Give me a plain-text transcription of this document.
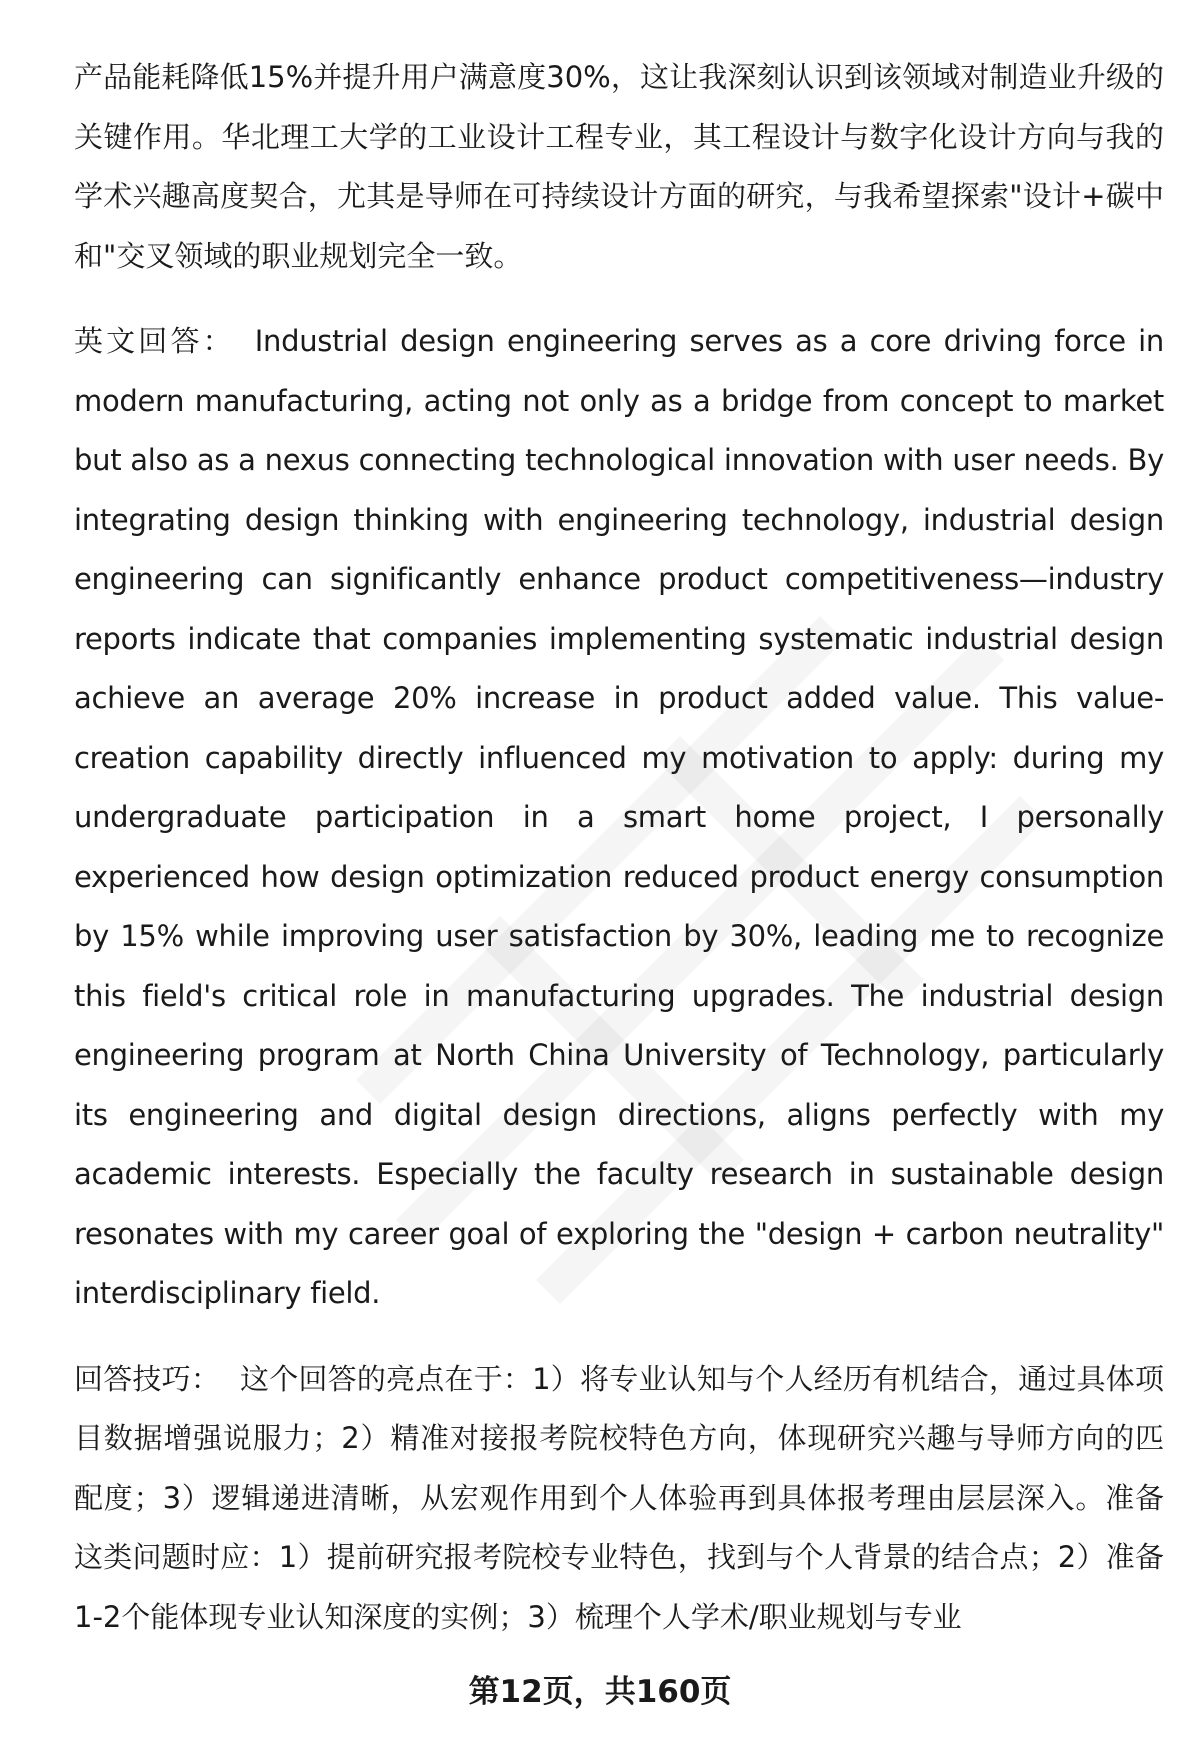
产品能耗降低15%并提升用户满意度30%，这让我深刻认识到该领域对制造业升级的关键作用。华北理工大学的工业设计工程专业，其工程设计与数字化设计方向与我的学术兴趣高度契合，尤其是导师在可持续设计方面的研究，与我希望探索"设计+碳中和"交叉领域的职业规划完全一致。

英文回答： Industrial design engineering serves as a core driving force in modern manufacturing, acting not only as a bridge from concept to market but also as a nexus connecting technological innovation with user needs. By integrating design thinking with engineering technology, industrial design engineering can significantly enhance product competitiveness—industry reports indicate that companies implementing systematic industrial design achieve an average 20% increase in product added value. This value-creation capability directly influenced my motivation to apply: during my undergraduate participation in a smart home project, I personally experienced how design optimization reduced product energy consumption by 15% while improving user satisfaction by 30%, leading me to recognize this field's critical role in manufacturing upgrades. The industrial design engineering program at North China University of Technology, particularly its engineering and digital design directions, aligns perfectly with my academic interests. Especially the faculty research in sustainable design resonates with my career goal of exploring the "design + carbon neutrality" interdisciplinary field.

回答技巧： 这个回答的亮点在于：1）将专业认知与个人经历有机结合，通过具体项目数据增强说服力；2）精准对接报考院校特色方向，体现研究兴趣与导师方向的匹配度；3）逻辑递进清晰，从宏观作用到个人体验再到具体报考理由层层深入。准备这类问题时应：1）提前研究报考院校专业特色，找到与个人背景的结合点；2）准备1-2个能体现专业认知深度的实例；3）梳理个人学术/职业规划与专业

第12页，共160页
